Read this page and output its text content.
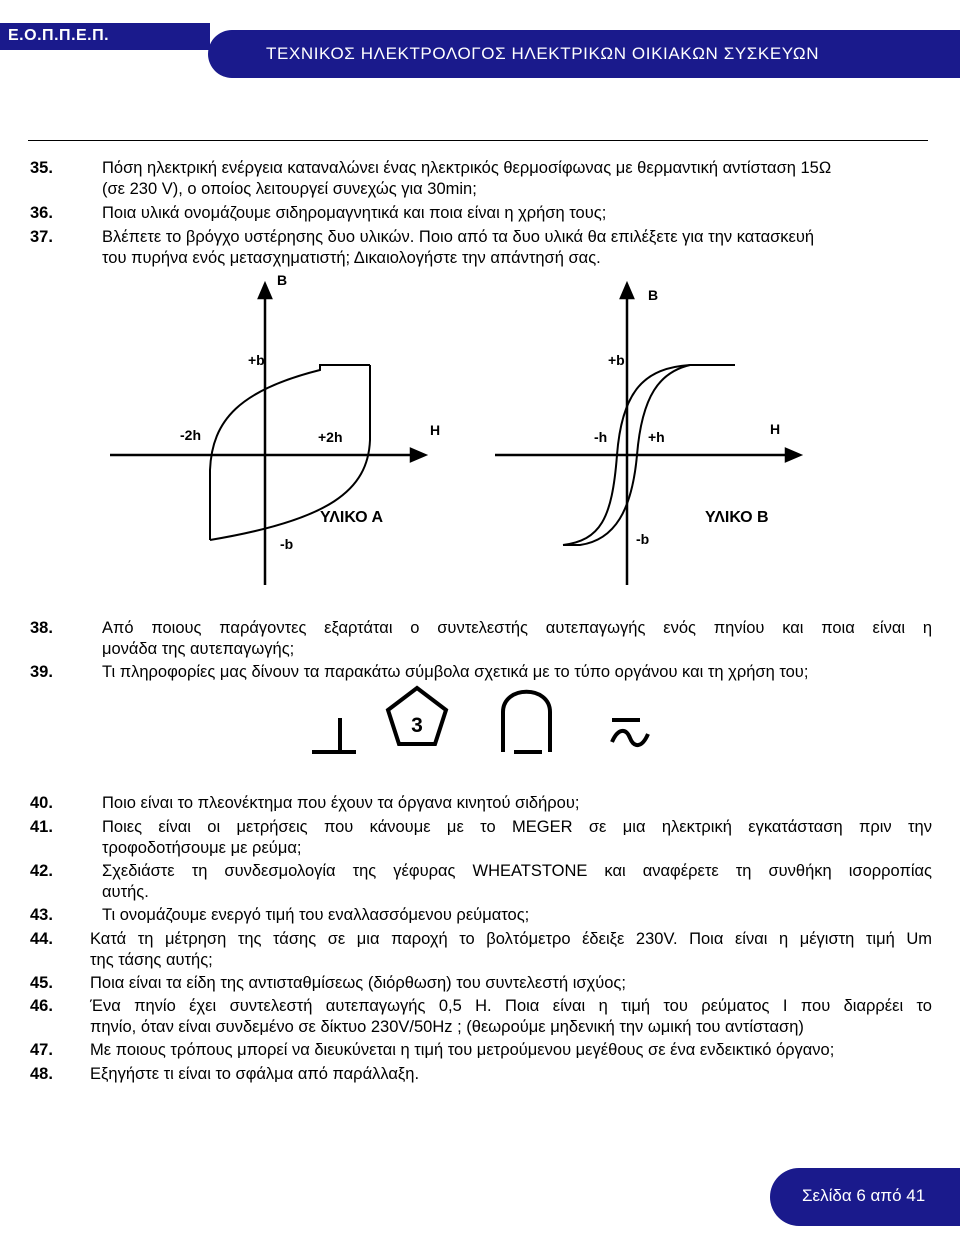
Ε.Ο.Π.Π.Ε.Π.
ΤΕΧΝΙΚΟΣ ΗΛΕΚΤΡΟΛΟΓΟΣ ΗΛΕΚΤΡΙΚΩΝ ΟΙΚΙΑΚΩΝ ΣΥΣΚΕΥΩΝ
35.	Πόση ηλεκτρική ενέργεια καταναλώνει ένας ηλεκτρικός θερμοσίφωνας με θερμαντική αντίσταση 15Ω
(σε 230 V), ο οποίος λειτουργεί συνεχώς για 30min;
36.	Ποια υλικά ονομάζουμε σιδηρομαγνητικά και ποια είναι η χρήση τους;
37.	Βλέπετε το βρόγχο υστέρησης δυο υλικών. Ποιο από τα δυο υλικά θα επιλέξετε για την κατασκευή
του πυρήνα ενός μετασχηματιστή; Δικαιολογήστε την απάντησή σας.
B
+b
-2h	+2h	H
-b
ΥΛΙΚΟ Α
B
+b
-h	+h	H
-b
ΥΛΙΚΟ Β
38.	Από ποιους παράγοντες εξαρτάται ο συντελεστής αυτεπαγωγής ενός πηνίου και ποια είναι η
μονάδα της αυτεπαγωγής;
39.	Τι πληροφορίες μας δίνουν τα παρακάτω σύμβολα σχετικά με το τύπο οργάνου και τη χρήση του;
3
40.	Ποιο είναι το πλεονέκτημα που έχουν τα όργανα κινητού σιδήρου;
41.	Ποιες είναι οι μετρήσεις που κάνουμε με το MEGER σε μια ηλεκτρική εγκατάσταση πριν την
τροφοδοτήσουμε με ρεύμα;
42.	Σχεδιάστε τη συνδεσμολογία της γέφυρας WHEATSTONE και αναφέρετε τη συνθήκη ισορροπίας
αυτής.
43.	Τι ονομάζουμε ενεργό τιμή του εναλλασσόμενου ρεύματος;
44. Κατά τη μέτρηση της τάσης σε μια παροχή το βολτόμετρο έδειξε 230V. Ποια είναι η μέγιστη τιμή Um
της τάσης αυτής;
45. Ποια είναι τα είδη της αντισταθμίσεως (διόρθωση) του συντελεστή ισχύος;
46. Ένα πηνίο έχει συντελεστή αυτεπαγωγής 0,5 Η. Ποια είναι η τιμή του ρεύματος Ι που διαρρέει το
πηνίο, όταν είναι συνδεμένο σε δίκτυο 230V/50Hz ; (θεωρούμε μηδενική την ωμική του αντίσταση)
47. Με ποιους τρόπους μπορεί να διευκύνεται η τιμή του μετρούμενου μεγέθους σε ένα ενδεικτικό όργανο;
48. Εξηγήστε τι είναι το σφάλμα από παράλλαξη.
Σελίδα 6 από 41
